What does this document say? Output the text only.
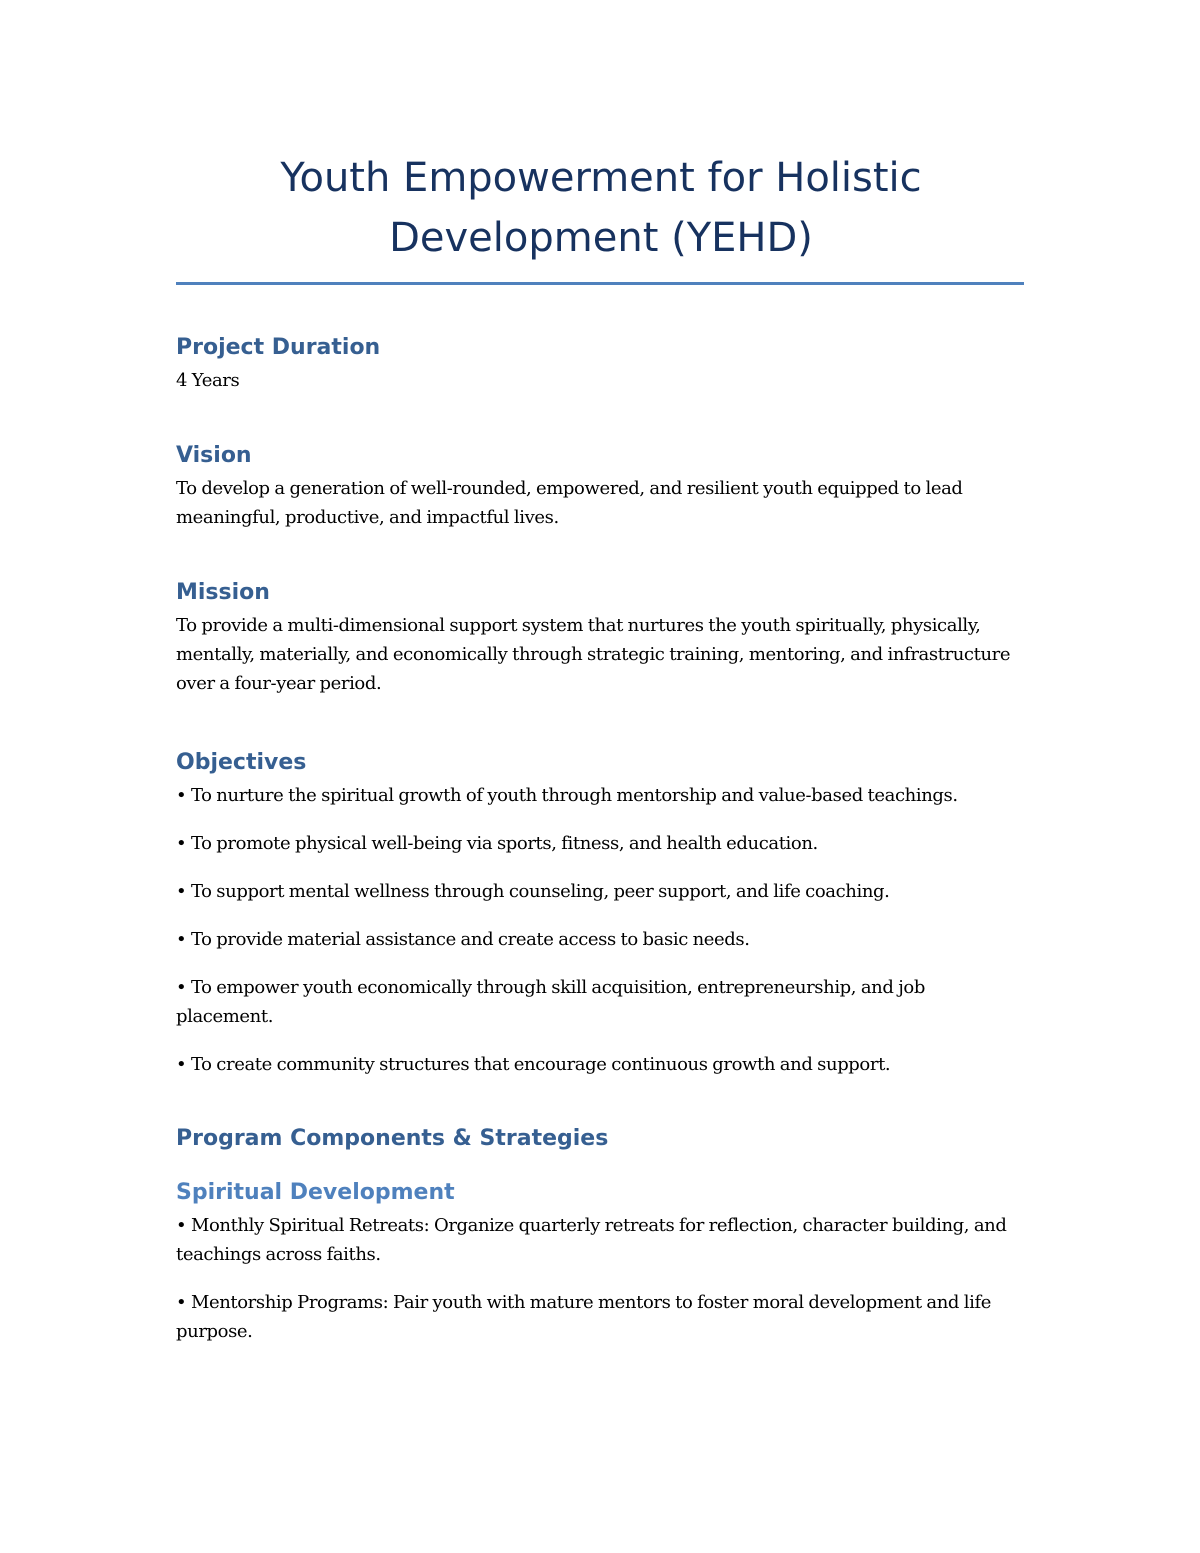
Youth Empowerment for Holistic Development (YEHD)
Project Duration

4 Years

Vision

To develop a generation of well-rounded, empowered, and resilient youth equipped to lead meaningful, productive, and impactful lives.

Mission

To provide a multi-dimensional support system that nurtures the youth spiritually, physically, mentally, materially, and economically through strategic training, mentoring, and infrastructure over a four-year period.

Objectives

• To nurture the spiritual growth of youth through mentorship and value-based teachings.

• To promote physical well-being via sports, fitness, and health education.

• To support mental wellness through counseling, peer support, and life coaching.

• To provide material assistance and create access to basic needs.

• To empower youth economically through skill acquisition, entrepreneurship, and job placement.

• To create community structures that encourage continuous growth and support.

Program Components & Strategies
Spiritual Development

• Monthly Spiritual Retreats: Organize quarterly retreats for reflection, character building, and teachings across faiths.

• Mentorship Programs: Pair youth with mature mentors to foster moral development and life purpose.
